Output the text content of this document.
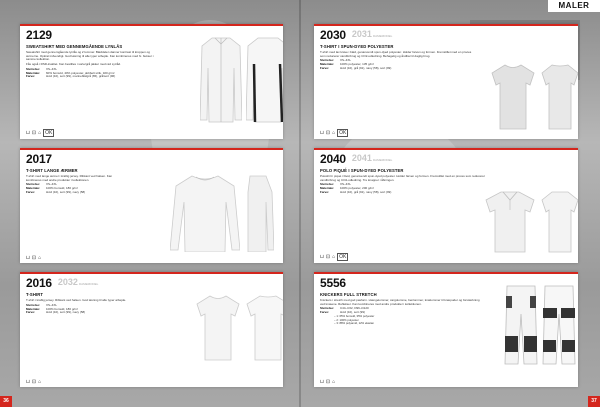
MALER
2129
SWEATSHIRT MED GENNEMGÅENDE LYNLÅS
Sweatshirt med gennemgående lynlås og 2 lommer. Bløddelen danner kontrast til kroppen og ærmerne. Opkrat indvendigt. God løsning til alle typer arbejde. Kan kombineres med fx. bukser i samme kollektion.
Fås også i RSD-kvalitet. Kan bestilles i sorte/grå jakker med rød sytråd.
Størrelse:	XS–4XL
Materiale:	60% bomuld, 40% polyester, dobbelt strik, 320 g/m²
Farve:	Hvid (10), sort (99), marineblå/grå (65), grå/sort (96)
⊔ ⊡ ⌂ OK
2017
T-SHIRT LANGE ÆRMER
T-shirt med lange ærmer i kraftig jersey. Ribkant ved halsen. Kan kombineres med andre produkter i kollektionen.
Størrelse:	XS–4XL
Materiale:	100% bomuld, 180 g/m²
Farve:	Hvid (10), sort (99), navy (58)
⊔ ⊡ ⌂
2016 2032DAMEMODEL
T-SHIRT
T-shirt i kraftig jersey. Ribkant ved halsen. God løsning til alle typer arbejde.
Størrelse:	XS–4XL
Materiale:	100% bomuld, 180 g/m²
Farve:	Hvid (10), sort (99), navy (58)
⊔ ⊡ ⌂
2030 2031DAMEMODEL
T-SHIRT I SPUN-DYED POLYESTER
T-shirt med lav krave i blød, genanvendt spun-dyed polyester. Holder farven og formen. Fremstillet med en proces som reducerer vandforbrug og CO2-udledning. Behagelig og åndbar til daglig brug.
Størrelse:	XS–4XL
Materiale:	100% polyester, 135 g/m²
Farve:	Hvid (10), grå (91), navy (58), sort (99)
⊔ ⊡ ⌂ OK
2040 2041DAMEMODEL
POLO PIQUÉ I SPUN-DYED POLYESTER
Poloshirt i piqué i blød, genanvendt spun-dyed polyester. Holder farven og formen. Fremstillet med en proces som reducerer vandforbrug og CO2-udledning. Tre knapper i åbningen.
Størrelse:	XS–4XL
Materiale:	100% polyester, 200 g/m²
Farve:	Hvid (10), grå (91), navy (58), sort (99)
⊔ ⊡ ⌂ OK
5556
KNICKERS FULL STRETCH
Knickers i stretch med god pasform. Hængelommer, cargolomme, benlommer, knælommer til knæpuder og forstærkning ved knæene. Reflekser. Kan kombineres med andre produkter i kollektionen.
Størrelse:	C44–C62, D96–D120
Farve:	Hvid (10), sort (99)
– 1: 65% bomuld, 35% polyester
– 2: 100% polyester
– 3: 88% polyamid, 12% elastan
⊔ ⊡ ⌂
36	37
